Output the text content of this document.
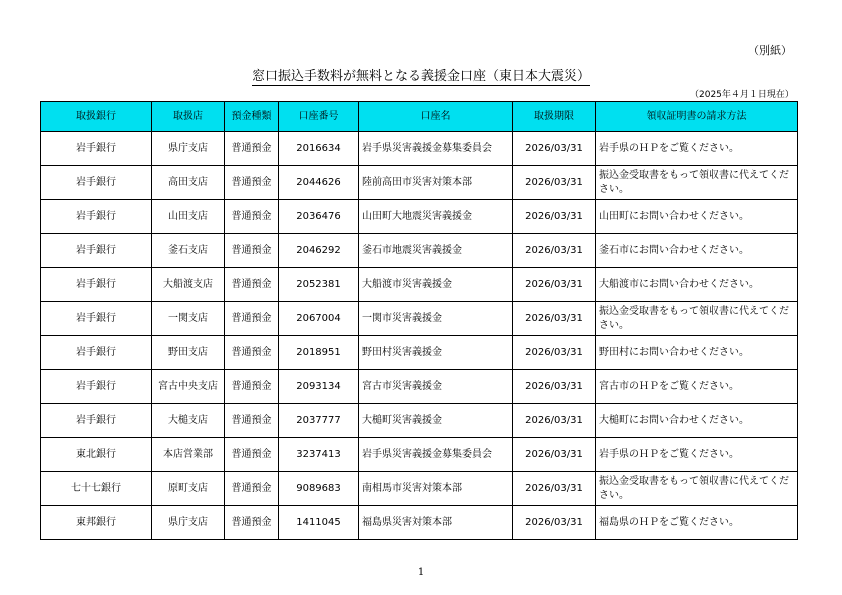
（別紙）
窓口振込手数料が無料となる義援金口座（東日本大震災）
（2025年４月１日現在）
取扱銀行	取扱店	預金種類	口座番号	口座名	取扱期限	領収証明書の請求方法
岩手銀行	県庁支店	普通預金	2016634	岩手県災害義援金募集委員会	2026/03/31	岩手県のＨＰをご覧ください。
岩手銀行	高田支店	普通預金	2044626	陸前高田市災害対策本部	2026/03/31	振込金受取書をもって領収書に代えてください。
岩手銀行	山田支店	普通預金	2036476	山田町大地震災害義援金	2026/03/31	山田町にお問い合わせください。
岩手銀行	釜石支店	普通預金	2046292	釜石市地震災害義援金	2026/03/31	釜石市にお問い合わせください。
岩手銀行	大船渡支店	普通預金	2052381	大船渡市災害義援金	2026/03/31	大船渡市にお問い合わせください。
岩手銀行	一関支店	普通預金	2067004	一関市災害義援金	2026/03/31	振込金受取書をもって領収書に代えてください。
岩手銀行	野田支店	普通預金	2018951	野田村災害義援金	2026/03/31	野田村にお問い合わせください。
岩手銀行	宮古中央支店	普通預金	2093134	宮古市災害義援金	2026/03/31	宮古市のＨＰをご覧ください。
岩手銀行	大槌支店	普通預金	2037777	大槌町災害義援金	2026/03/31	大槌町にお問い合わせください。
東北銀行	本店営業部	普通預金	3237413	岩手県災害義援金募集委員会	2026/03/31	岩手県のＨＰをご覧ください。
七十七銀行	原町支店	普通預金	9089683	南相馬市災害対策本部	2026/03/31	振込金受取書をもって領収書に代えてください。
東邦銀行	県庁支店	普通預金	1411045	福島県災害対策本部	2026/03/31	福島県のＨＰをご覧ください。
1
